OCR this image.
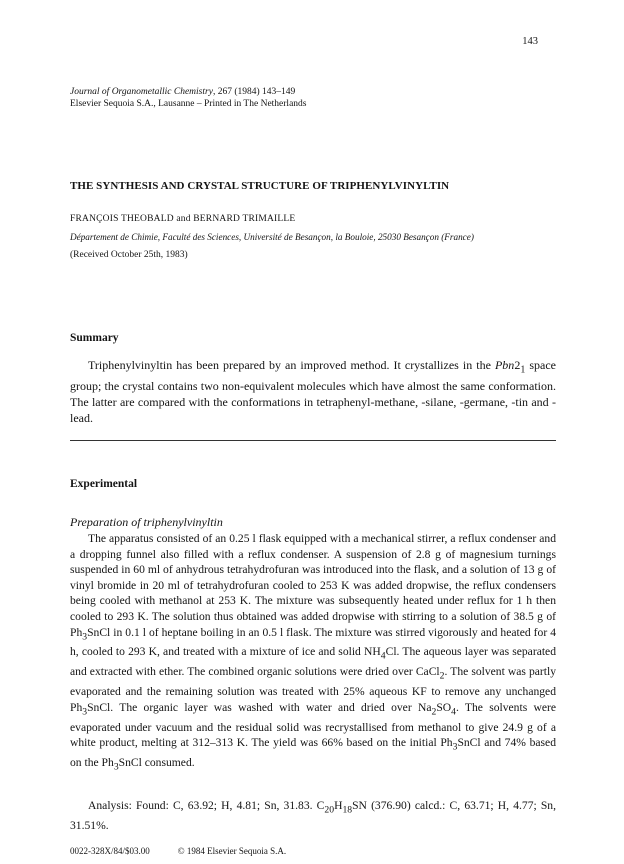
143
Journal of Organometallic Chemistry, 267 (1984) 143–149
Elsevier Sequoia S.A., Lausanne – Printed in The Netherlands
THE SYNTHESIS AND CRYSTAL STRUCTURE OF TRIPHENYLVINYLTIN
FRANÇOIS THEOBALD and BERNARD TRIMAILLE
Département de Chimie, Faculté des Sciences, Université de Besançon, la Bouloie, 25030 Besançon (France)
(Received October 25th, 1983)
Summary

Triphenylvinyltin has been prepared by an improved method. It crystallizes in the $Pbn2_1$ space group; the crystal contains two non-equivalent molecules which have almost the same conformation. The latter are compared with the conformations in tetraphenyl-methane, -silane, -germane, -tin and -lead.

Experimental
Preparation of triphenylvinyltin

The apparatus consisted of an 0.25 l flask equipped with a mechanical stirrer, a reflux condenser and a dropping funnel also filled with a reflux condenser. A suspension of 2.8 g of magnesium turnings suspended in 60 ml of anhydrous tetrahydrofuran was introduced into the flask, and a solution of 13 g of vinyl bromide in 20 ml of tetrahydrofuran cooled to 253 K was added dropwise, the reflux condensers being cooled with methanol at 253 K. The mixture was subsequently heated under reflux for 1 h then cooled to 293 K. The solution thus obtained was added dropwise with stirring to a solution of 38.5 g of $Ph_3SnCl$ in 0.1 l of heptane boiling in an 0.5 l flask. The mixture was stirred vigorously and heated for 4 h, cooled to 293 K, and treated with a mixture of ice and solid $NH_4Cl$. The aqueous layer was separated and extracted with ether. The combined organic solutions were dried over CaCl$_2$. The solvent was partly evaporated and the remaining solution was treated with 25% aqueous KF to remove any unchanged $Ph_3SnCl$. The organic layer was washed with water and dried over $Na_2SO_4$. The solvents were evaporated under vacuum and the residual solid was recrystallised from methanol to give 24.9 g of a white product, melting at 312–313 K. The yield was 66% based on the initial $Ph_3SnCl$ and 74% based on the $Ph_3SnCl$ consumed.

Analysis: Found: C, 63.92; H, 4.81; Sn, 31.83. $C_{20}H_{18}SN$ (376.90) calcd.: C, 63.71; H, 4.77; Sn, 31.51%.

0022-328X/84/$03.00	© 1984 Elsevier Sequoia S.A.
